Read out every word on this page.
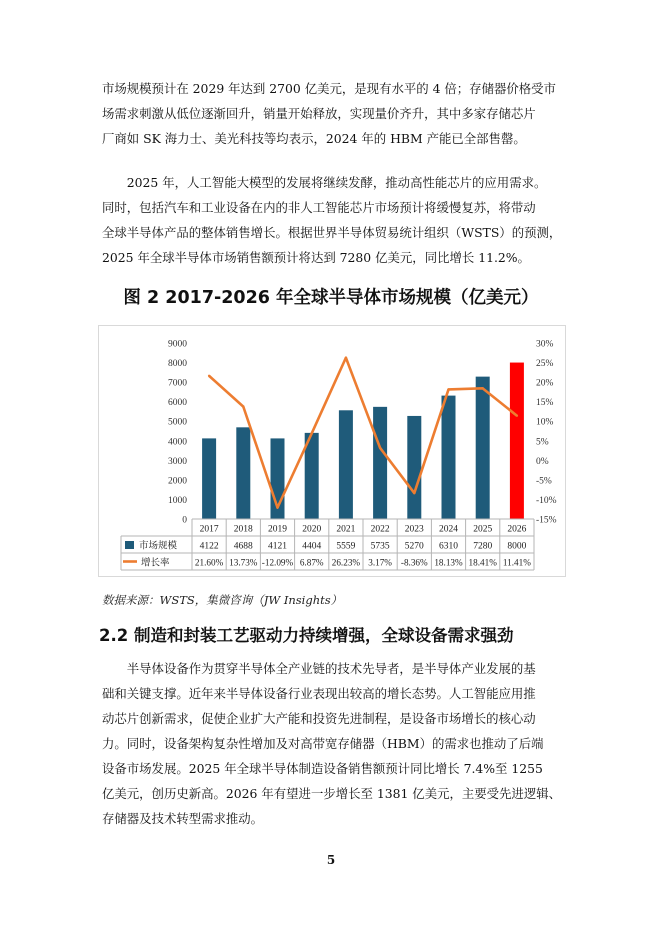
市场规模预计在 2029 年达到 2700 亿美元，是现有水平的 4 倍；存储器价格受市
场需求刺激从低位逐渐回升，销量开始释放，实现量价齐升，其中多家存储芯片
厂商如 SK 海力士、美光科技等均表示，2024 年的 HBM 产能已全部售罄。
　　2025 年，人工智能大模型的发展将继续发酵，推动高性能芯片的应用需求。
同时，包括汽车和工业设备在内的非人工智能芯片市场预计将缓慢复苏，将带动
全球半导体产品的整体销售增长。根据世界半导体贸易统计组织（WSTS）的预测，
2025 年全球半导体市场销售额预计将达到 7280 亿美元，同比增长 11.2%。
图 2 2017-2026 年全球半导体市场规模（亿美元）
0
1000
2000
3000
4000
5000
6000
7000
8000
9000
-15%
-10%
-5%
0%
5%
10%
15%
20%
25%
30%
2017 2018 2019 2020 2021 2022 2023 2024 2025 2026
4122 4688 4121 4404 5559 5735 5270 6310 7280 8000
21.60% 13.73% -12.09% 6.87% 26.23% 3.17% -8.36% 18.13% 18.41% 11.41%
市场规模
增长率
数据来源：WSTS，集微咨询（JW Insights）
2.2 制造和封装工艺驱动力持续增强，全球设备需求强劲
　　半导体设备作为贯穿半导体全产业链的技术先导者，是半导体产业发展的基
础和关键支撑。近年来半导体设备行业表现出较高的增长态势。人工智能应用推
动芯片创新需求，促使企业扩大产能和投资先进制程，是设备市场增长的核心动
力。同时，设备架构复杂性增加及对高带宽存储器（HBM）的需求也推动了后端
设备市场发展。2025 年全球半导体制造设备销售额预计同比增长 7.4%至 1255
亿美元，创历史新高。2026 年有望进一步增长至 1381 亿美元，主要受先进逻辑、
存储器及技术转型需求推动。
5
